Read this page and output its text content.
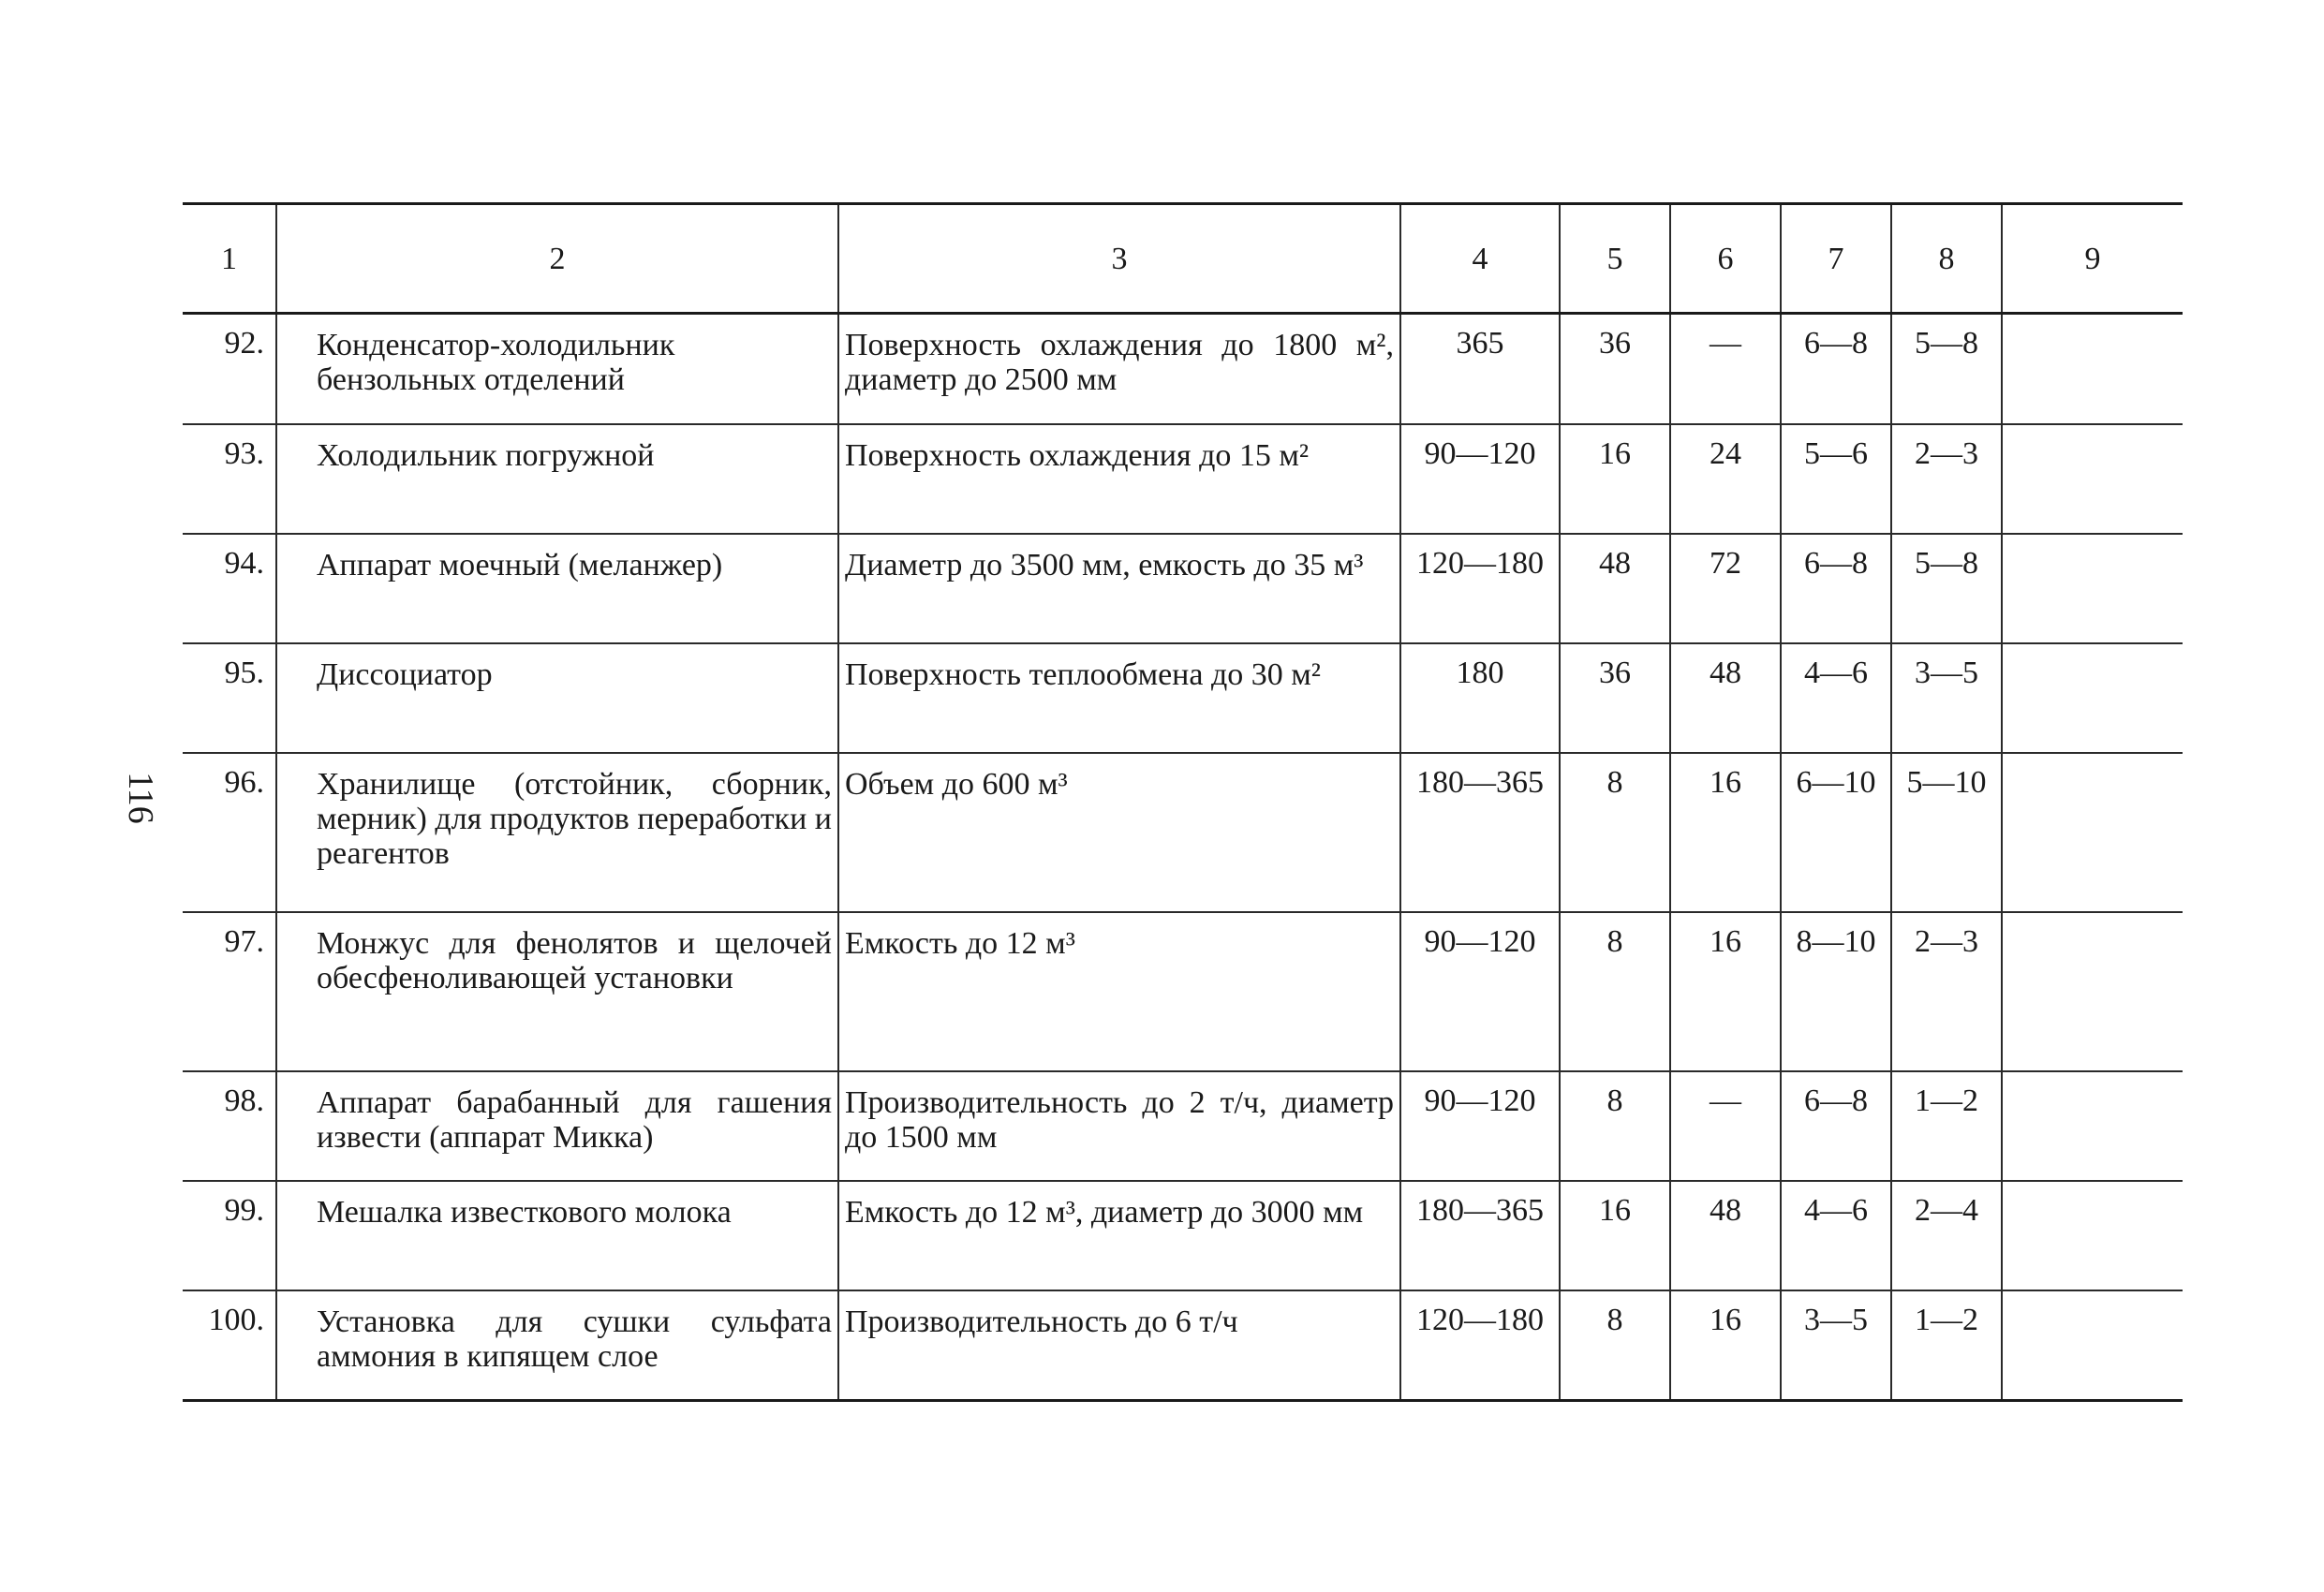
116
1	2	3	4	5	6	7	8	9
92.	Конденсатор-холодильник бензольных отделений	Поверхность охлаждения до 1800 м², диаметр до 2500 мм	365	36	—	6—8	5—8	
93.	Холодильник погружной	Поверхность охлаждения до 15 м²	90—120	16	24	5—6	2—3	
94.	Аппарат моечный (меланжер)	Диаметр до 3500 мм, емкость до 35 м³	120—180	48	72	6—8	5—8	
95.	Диссоциатор	Поверхность теплообмена до 30 м²	180	36	48	4—6	3—5	
96.	Хранилище (отстойник, сборник, мерник) для продуктов переработки и реагентов	Объем до 600 м³	180—365	8	16	6—10	5—10	
97.	Монжус для фенолятов и щелочей обесфеноливающей установки	Емкость до 12 м³	90—120	8	16	8—10	2—3	
98.	Аппарат барабанный для гашения извести (аппарат Микка)	Производительность до 2 т/ч, диаметр до 1500 мм	90—120	8	—	6—8	1—2	
99.	Мешалка известкового молока	Емкость до 12 м³, диаметр до 3000 мм	180—365	16	48	4—6	2—4	
100.	Установка для сушки сульфата аммония в кипящем слое	Производительность до 6 т/ч	120—180	8	16	3—5	1—2	
